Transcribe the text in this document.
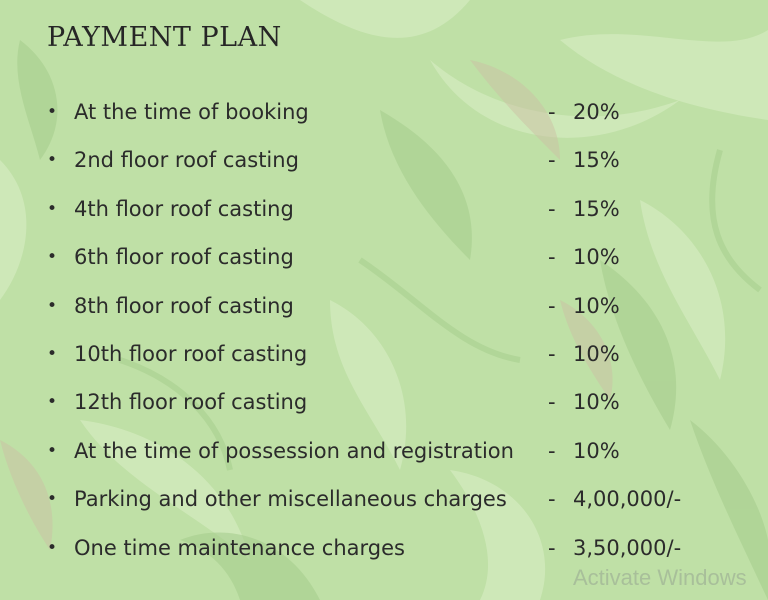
PAYMENT PLAN
• At the time of booking	- 20%
• 2nd floor roof casting	- 15%
• 4th floor roof casting	- 15%
• 6th floor roof casting	- 10%
• 8th floor roof casting	- 10%
• 10th floor roof casting	- 10%
• 12th floor roof casting	- 10%
• At the time of possession and registration - 10%
• Parking and other miscellaneous charges - 4,00,000/-
• One time maintenance charges	- 3,50,000/-
Activate Windows
